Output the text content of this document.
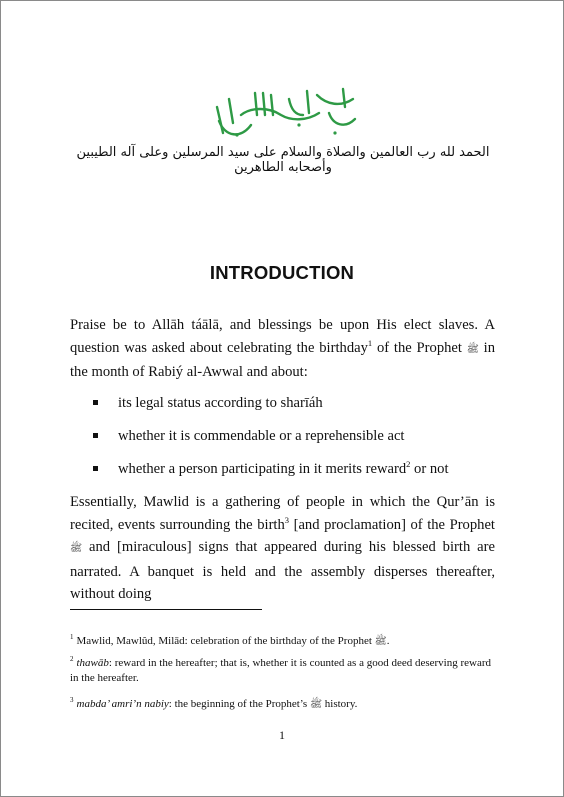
الحمد لله رب العالمين والصلاة والسلام على سيد المرسلين وعلى آله الطيبين وأصحابه الطاهرين
INTRODUCTION

Praise be to Allāh táālā, and blessings be upon His elect slaves. A question was asked about celebrating the birthday$^1$ of the Prophet ﷺ in the month of Rabiý al-Awwal and about:

its legal status according to sharīáh
whether it is commendable or a reprehensible act
whether a person participating in it merits reward$^2$ or not

Essentially, Mawlid is a gathering of people in which the Qur’ān is recited, events surrounding the birth$^3$ [and proclamation] of the Prophet ﷺ and [miraculous] signs that appeared during his blessed birth are narrated. A banquet is held and the assembly disperses thereafter, without doing

$^1$ Mawlid, Mawlûd, Milād: celebration of the birthday of the Prophet ﷺ.

$^2$ thawāb: reward in the hereafter; that is, whether it is counted as a good deed deserving reward in the hereafter.

$^3$ mabda’ amri’n nabiy: the beginning of the Prophet’s ﷺ history.

1
